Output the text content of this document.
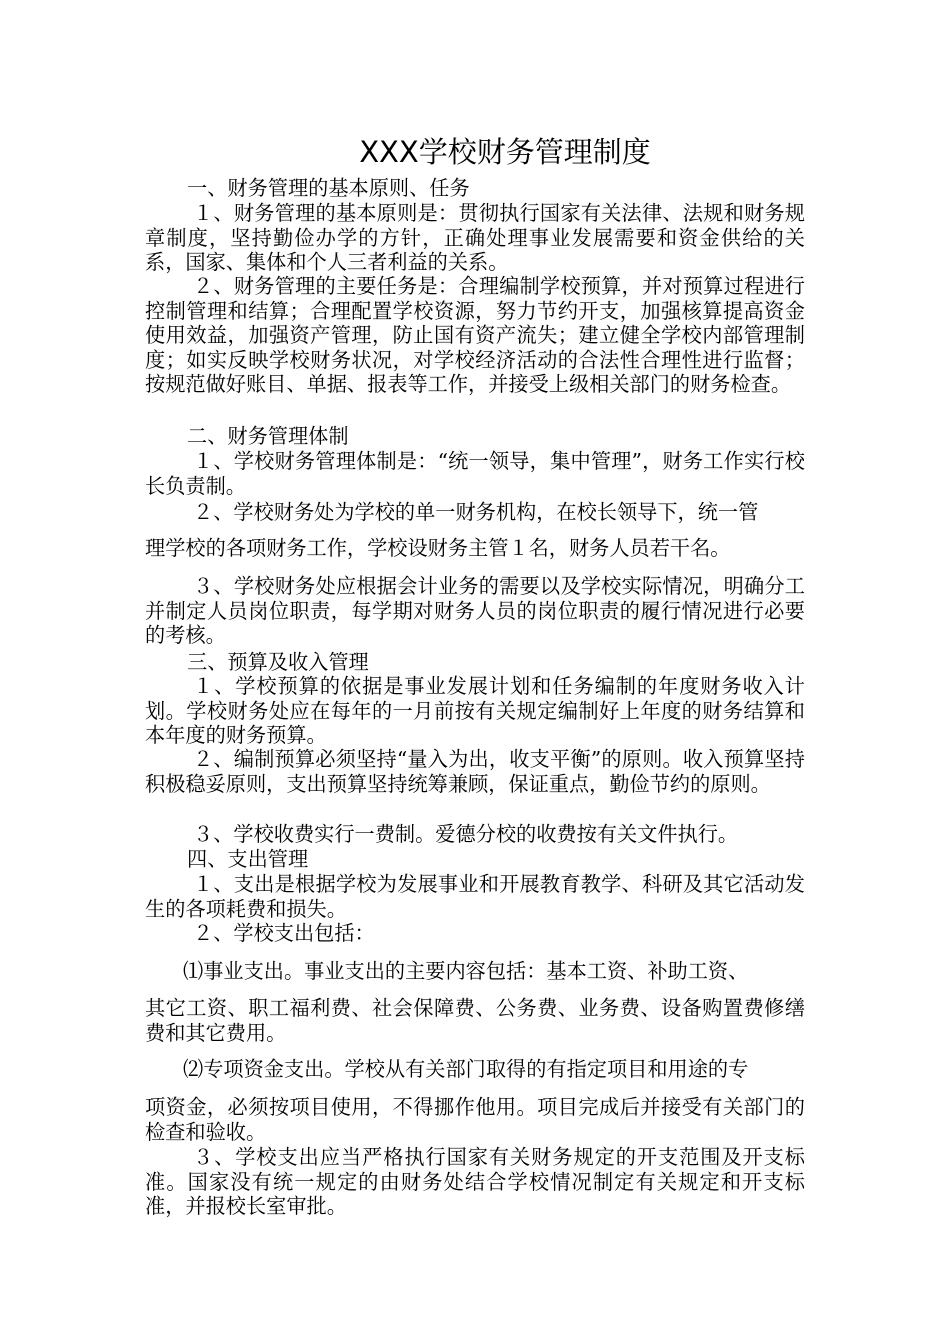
XXX学校财务管理制度
一、财务管理的基本原则、任务

１、财务管理的基本原则是：贯彻执行国家有关法律、法规和财务规章制度，坚持勤俭办学的方针，正确处理事业发展需要和资金供给的关系，国家、集体和个人三者利益的关系。

２、财务管理的主要任务是：合理编制学校预算，并对预算过程进行控制管理和结算；合理配置学校资源，努力节约开支，加强核算提高资金使用效益，加强资产管理，防止国有资产流失；建立健全学校内部管理制度；如实反映学校财务状况，对学校经济活动的合法性合理性进行监督；按规范做好账目、单据、报表等工作，并接受上级相关部门的财务检查。

二、财务管理体制

１、学校财务管理体制是：“统一领导，集中管理”，财务工作实行校长负责制。

２、学校财务处为学校的单一财务机构，在校长领导下，统一管

理学校的各项财务工作，学校设财务主管１名，财务人员若干名。

３、学校财务处应根据会计业务的需要以及学校实际情况，明确分工并制定人员岗位职责，每学期对财务人员的岗位职责的履行情况进行必要的考核。

三、预算及收入管理

１、学校预算的依据是事业发展计划和任务编制的年度财务收入计划。学校财务处应在每年的一月前按有关规定编制好上年度的财务结算和本年度的财务预算。

２、编制预算必须坚持“量入为出，收支平衡”的原则。收入预算坚持积极稳妥原则，支出预算坚持统筹兼顾，保证重点，勤俭节约的原则。

３、学校收费实行一费制。爱德分校的收费按有关文件执行。

四、支出管理

１、支出是根据学校为发展事业和开展教育教学、科研及其它活动发生的各项耗费和损失。

２、学校支出包括：

⑴事业支出。事业支出的主要内容包括：基本工资、补助工资、

其它工资、职工福利费、社会保障费、公务费、业务费、设备购置费修缮费和其它费用。

⑵专项资金支出。学校从有关部门取得的有指定项目和用途的专

项资金，必须按项目使用，不得挪作他用。项目完成后并接受有关部门的检查和验收。

３、学校支出应当严格执行国家有关财务规定的开支范围及开支标准。国家没有统一规定的由财务处结合学校情况制定有关规定和开支标准，并报校长室审批。
